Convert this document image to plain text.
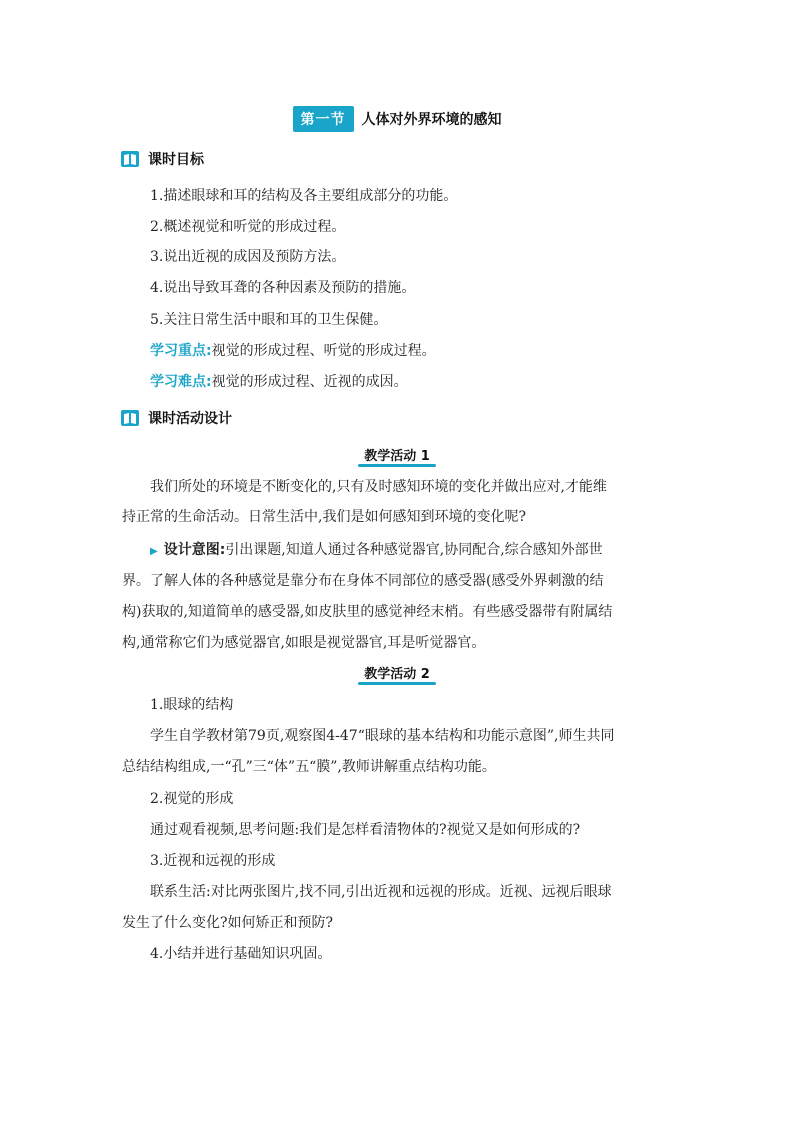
第一节	人体对外界环境的感知
课时目标
1.描述眼球和耳的结构及各主要组成部分的功能。
2.概述视觉和听觉的形成过程。
3.说出近视的成因及预防方法。
4.说出导致耳聋的各种因素及预防的措施。
5.关注日常生活中眼和耳的卫生保健。
学习重点:视觉的形成过程、听觉的形成过程。
学习难点:视觉的形成过程、近视的成因。
课时活动设计
教学活动 1
我们所处的环境是不断变化的,只有及时感知环境的变化并做出应对,才能维
持正常的生命活动。日常生活中,我们是如何感知到环境的变化呢?
▶ 设计意图:引出课题,知道人通过各种感觉器官,协同配合,综合感知外部世
界。了解人体的各种感觉是靠分布在身体不同部位的感受器(感受外界刺激的结
构)获取的,知道简单的感受器,如皮肤里的感觉神经末梢。有些感受器带有附属结
构,通常称它们为感觉器官,如眼是视觉器官,耳是听觉器官。
教学活动 2
1.眼球的结构
学生自学教材第79页,观察图4-47“眼球的基本结构和功能示意图”,师生共同
总结结构组成,一“孔”三“体”五“膜”,教师讲解重点结构功能。
2.视觉的形成
通过观看视频,思考问题:我们是怎样看清物体的?视觉又是如何形成的?
3.近视和远视的形成
联系生活:对比两张图片,找不同,引出近视和远视的形成。近视、远视后眼球
发生了什么变化?如何矫正和预防?
4.小结并进行基础知识巩固。
